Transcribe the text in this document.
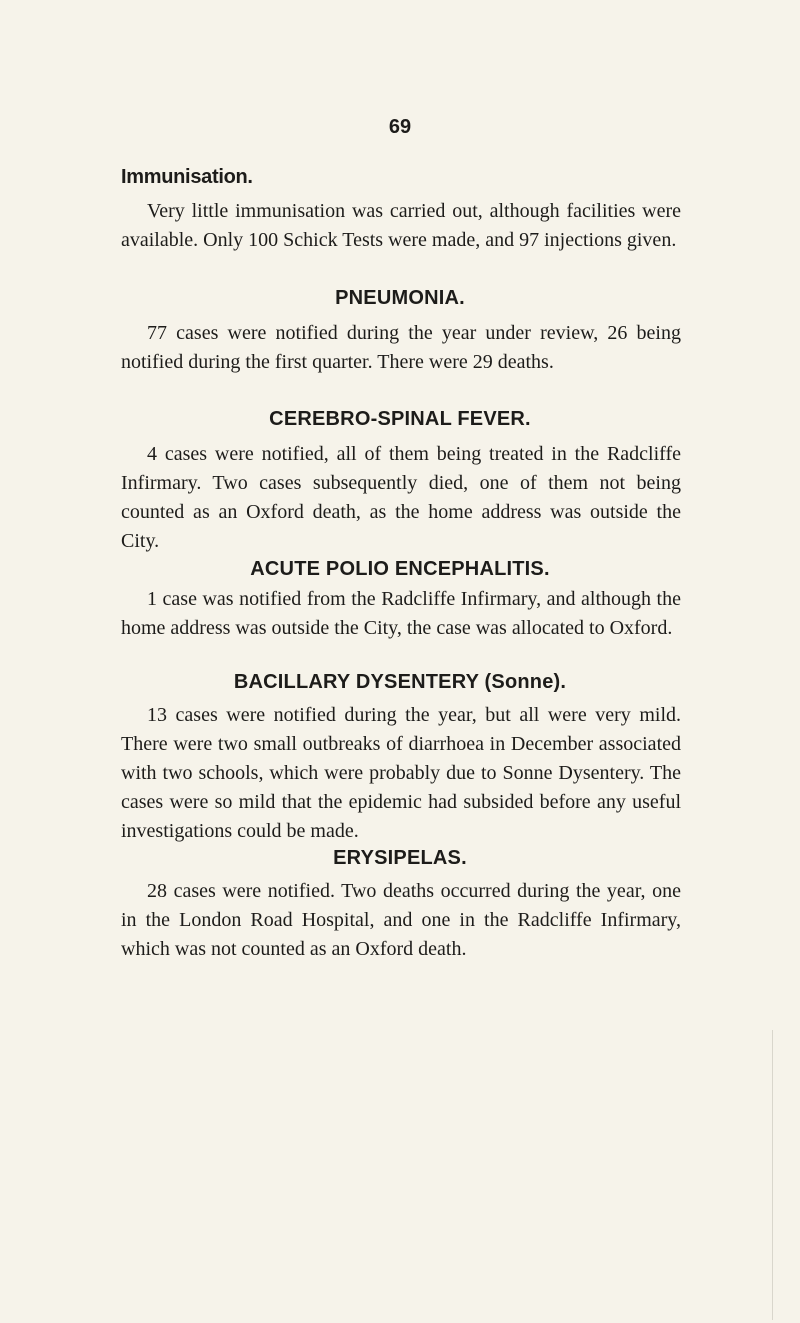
69
Immunisation.

Very little immunisation was carried out, although facilities were available. Only 100 Schick Tests were made, and 97 injections given.

PNEUMONIA.

77 cases were notified during the year under review, 26 being notified during the first quarter. There were 29 deaths.

CEREBRO-SPINAL FEVER.

4 cases were notified, all of them being treated in the Radcliffe Infirmary. Two cases subsequently died, one of them not being counted as an Oxford death, as the home address was outside the City.

ACUTE POLIO ENCEPHALITIS.

1 case was notified from the Radcliffe Infirmary, and although the home address was outside the City, the case was allocated to Oxford.

BACILLARY DYSENTERY (Sonne).

13 cases were notified during the year, but all were very mild. There were two small outbreaks of diarrhoea in December associated with two schools, which were probably due to Sonne Dysentery. The cases were so mild that the epidemic had subsided before any useful investigations could be made.

ERYSIPELAS.

28 cases were notified. Two deaths occurred during the year, one in the London Road Hospital, and one in the Radcliffe Infirmary, which was not counted as an Oxford death.
